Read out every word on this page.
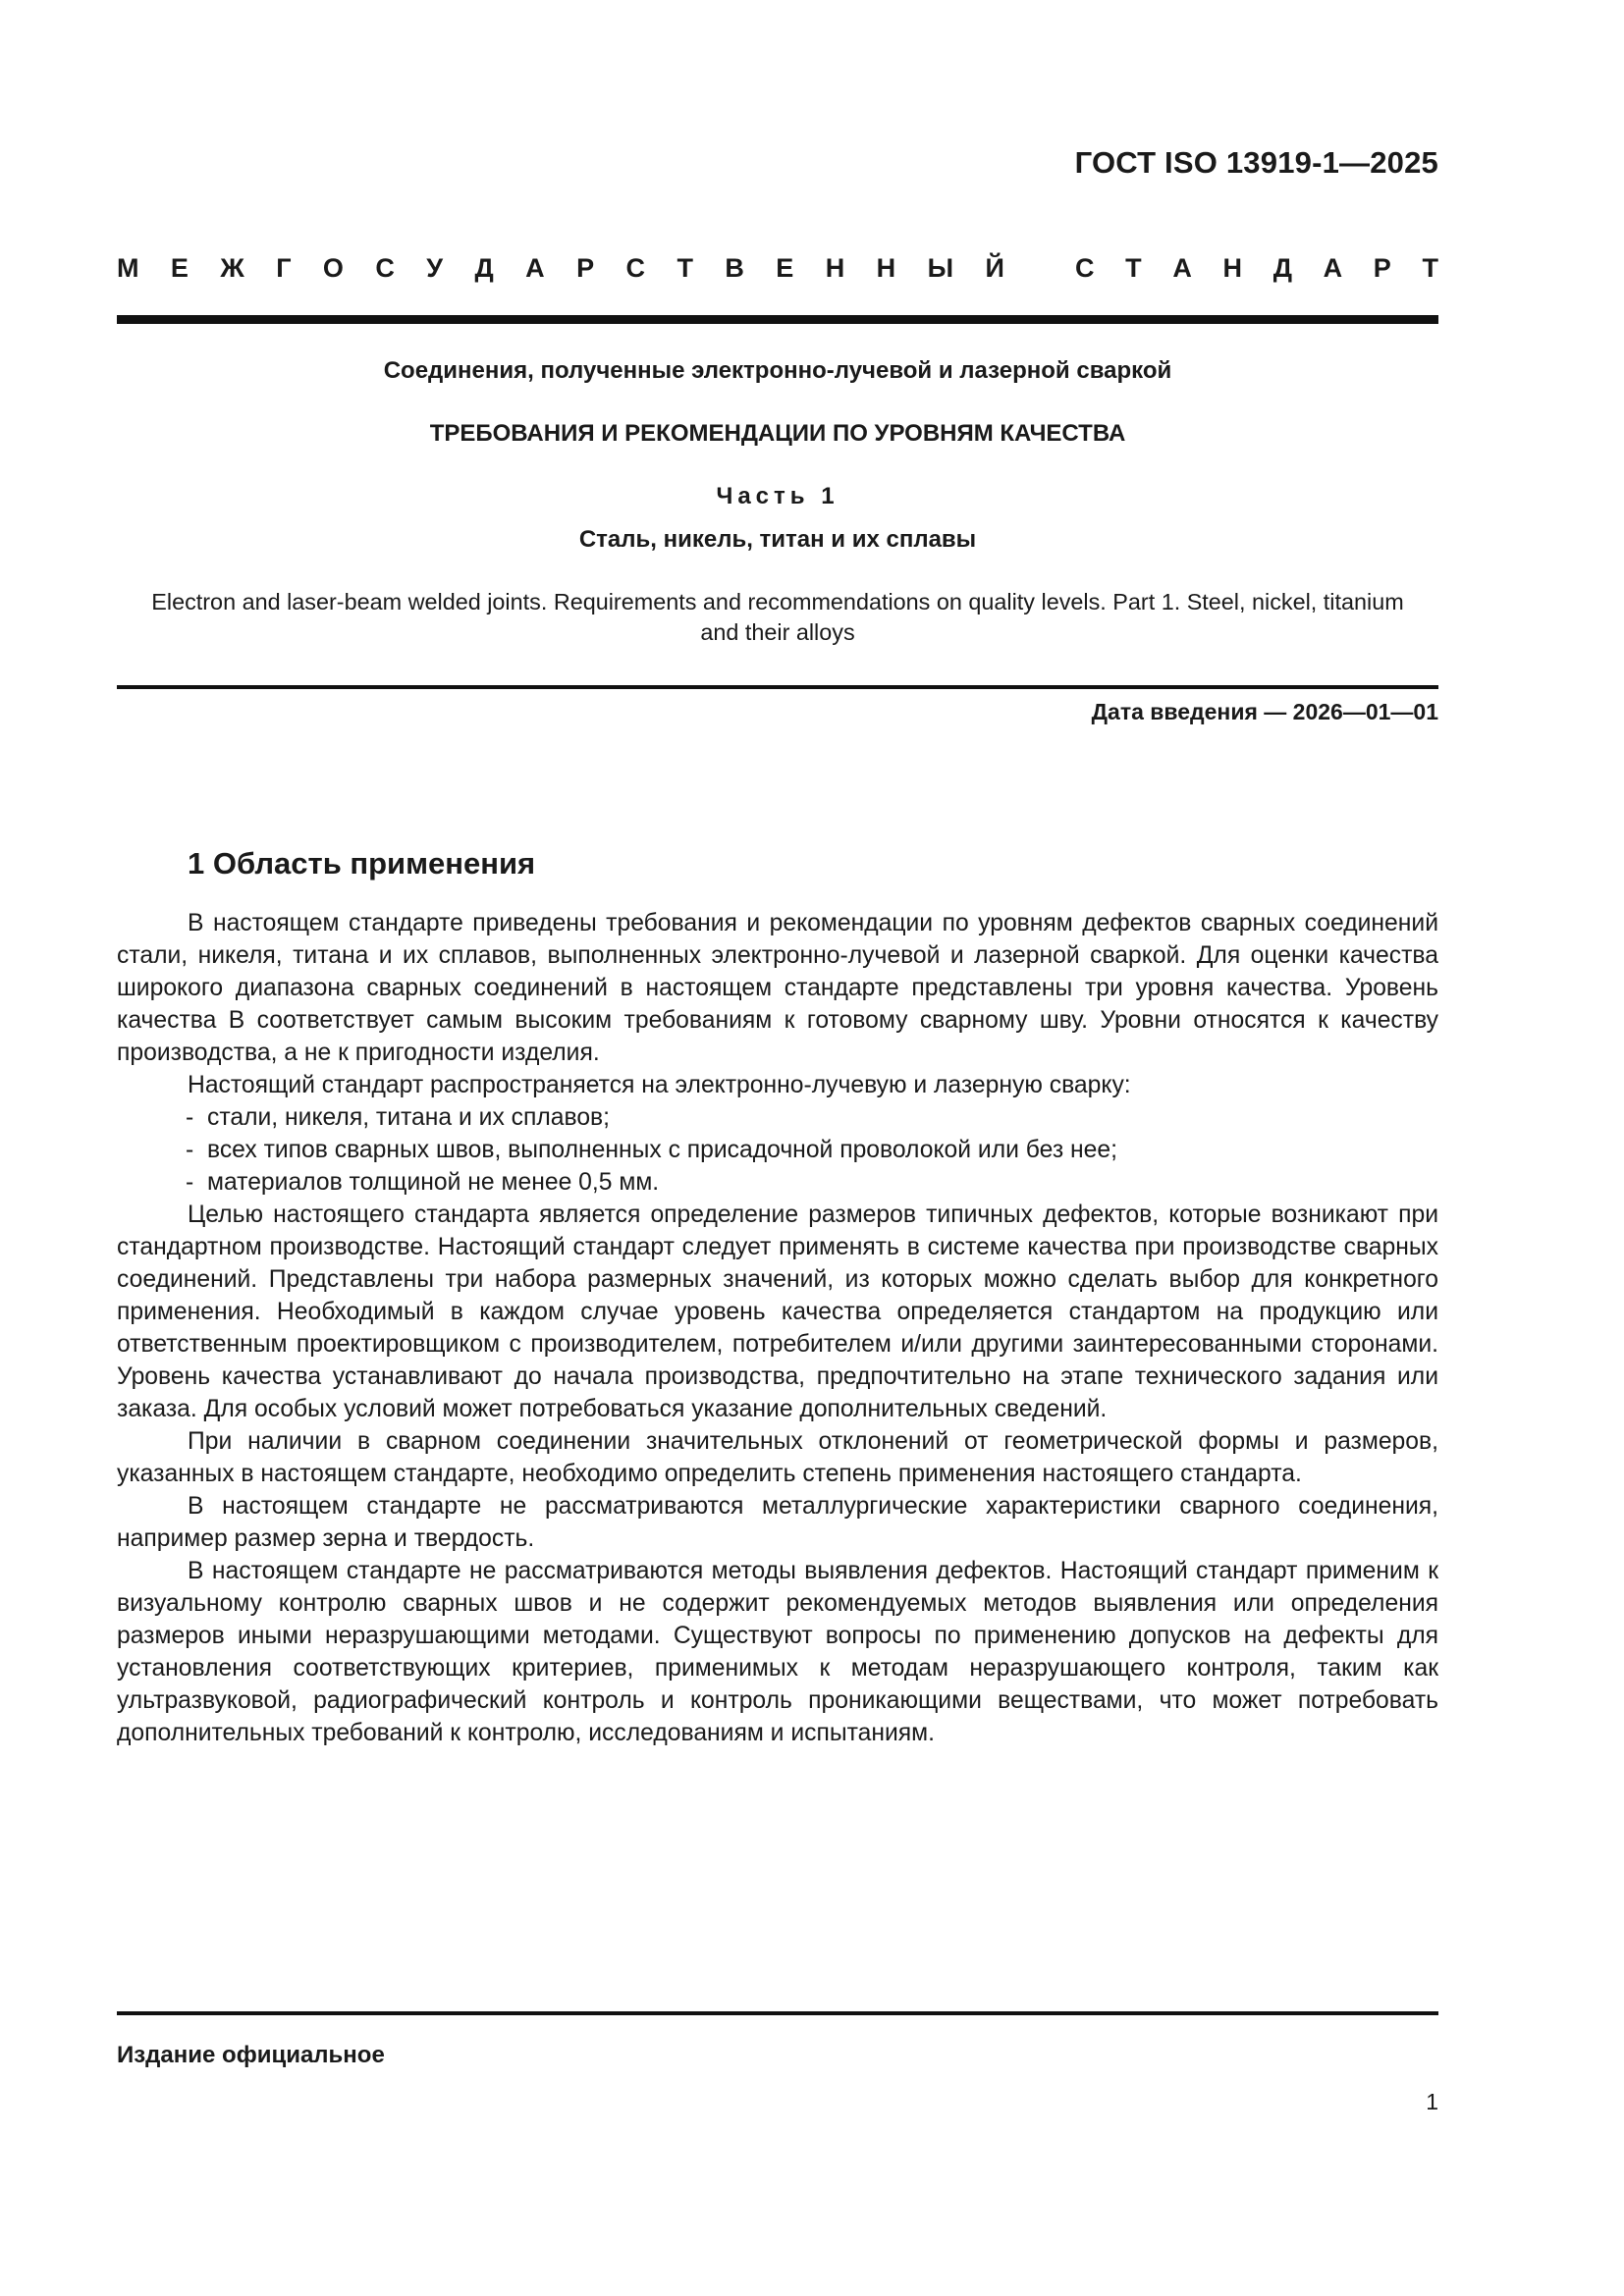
ГОСТ ISO 13919-1—2025
М Е Ж Г О С У Д А Р С Т В Е Н Н Ы Й	С Т А Н Д А Р Т
Соединения, полученные электронно-лучевой и лазерной сваркой
ТРЕБОВАНИЯ И РЕКОМЕНДАЦИИ ПО УРОВНЯМ КАЧЕСТВА
Часть 1
Сталь, никель, титан и их сплавы
Electron and laser-beam welded joints. Requirements and recommendations on quality levels. Part 1. Steel, nickel, titanium and their alloys
Дата введения — 2026—01—01
1 Область применения

В настоящем стандарте приведены требования и рекомендации по уровням дефектов сварных соединений стали, никеля, титана и их сплавов, выполненных электронно-лучевой и лазерной сваркой. Для оценки качества широкого диапазона сварных соединений в настоящем стандарте представлены три уровня качества. Уровень качества В соответствует самым высоким требованиям к готовому сварному шву. Уровни относятся к качеству производства, а не к пригодности изделия.

Настоящий стандарт распространяется на электронно-лучевую и лазерную сварку:

- стали, никеля, титана и их сплавов;
- всех типов сварных швов, выполненных с присадочной проволокой или без нее;
- материалов толщиной не менее 0,5 мм.

Целью настоящего стандарта является определение размеров типичных дефектов, которые возникают при стандартном производстве. Настоящий стандарт следует применять в системе качества при производстве сварных соединений. Представлены три набора размерных значений, из которых можно сделать выбор для конкретного применения. Необходимый в каждом случае уровень качества определяется стандартом на продукцию или ответственным проектировщиком с производителем, потребителем и/или другими заинтересованными сторонами. Уровень качества устанавливают до начала производства, предпочтительно на этапе технического задания или заказа. Для особых условий может потребоваться указание дополнительных сведений.

При наличии в сварном соединении значительных отклонений от геометрической формы и размеров, указанных в настоящем стандарте, необходимо определить степень применения настоящего стандарта.

В настоящем стандарте не рассматриваются металлургические характеристики сварного соединения, например размер зерна и твердость.

В настоящем стандарте не рассматриваются методы выявления дефектов. Настоящий стандарт применим к визуальному контролю сварных швов и не содержит рекомендуемых методов выявления или определения размеров иными неразрушающими методами. Существуют вопросы по применению допусков на дефекты для установления соответствующих критериев, применимых к методам неразрушающего контроля, таким как ультразвуковой, радиографический контроль и контроль проникающими веществами, что может потребовать дополнительных требований к контролю, исследованиям и испытаниям.

Издание официальное
1
